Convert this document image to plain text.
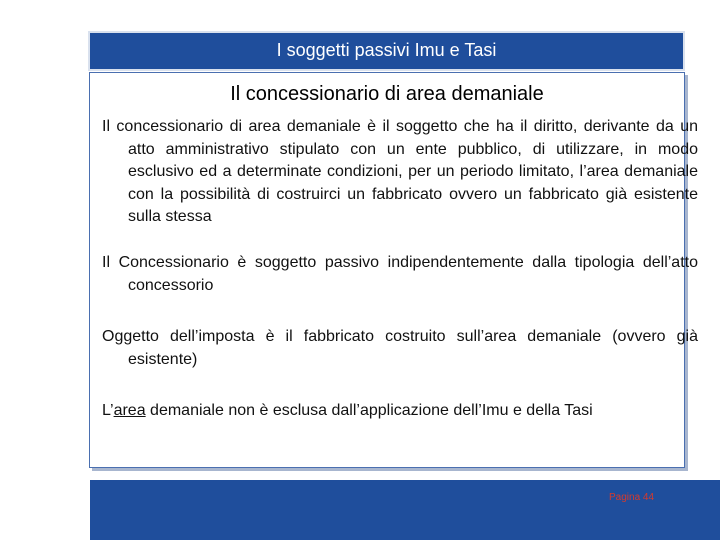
I soggetti passivi Imu e Tasi
Il concessionario di area demaniale
Il concessionario di area demaniale è il soggetto che ha il diritto, derivante da un atto amministrativo stipulato con un ente pubblico, di utilizzare, in modo esclusivo ed a determinate condizioni, per un periodo limitato, l’area demaniale con la possibilità di costruirci un fabbricato ovvero un fabbricato già esistente sulla stessa
Il Concessionario è soggetto passivo indipendentemente dalla tipologia dell’atto concessorio
Oggetto dell’imposta è il fabbricato costruito sull’area demaniale (ovvero già esistente)
L’area demaniale non è esclusa dall’applicazione dell’Imu e della Tasi
Pagina 44
